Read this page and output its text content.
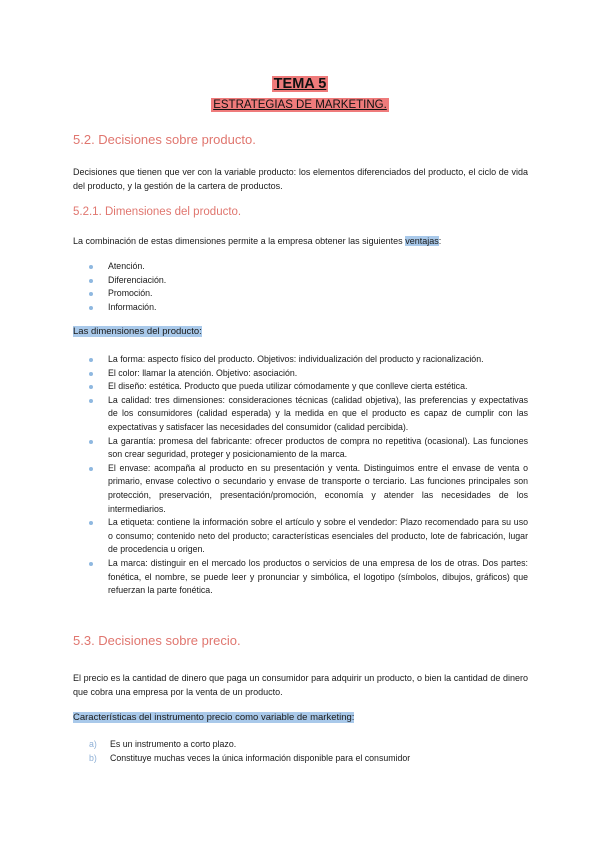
TEMA 5
ESTRATEGIAS DE MARKETING.
5.2. Decisiones sobre producto.
Decisiones que tienen que ver con la variable producto: los elementos diferenciados del producto, el ciclo de vida del producto, y la gestión de la cartera de productos.
5.2.1. Dimensiones del producto.
La combinación de estas dimensiones permite a la empresa obtener las siguientes ventajas:
Atención.
Diferenciación.
Promoción.
Información.
Las dimensiones del producto:
La forma: aspecto físico del producto. Objetivos: individualización del producto y racionalización.
El color: llamar la atención. Objetivo: asociación.
El diseño: estética. Producto que pueda utilizar cómodamente y que conlleve cierta estética.
La calidad: tres dimensiones: consideraciones técnicas (calidad objetiva), las preferencias y expectativas de los consumidores (calidad esperada) y la medida en que el producto es capaz de cumplir con las expectativas y satisfacer las necesidades del consumidor (calidad percibida).
La garantía: promesa del fabricante: ofrecer productos de compra no repetitiva (ocasional). Las funciones son crear seguridad, proteger y posicionamiento de la marca.
El envase: acompaña al producto en su presentación y venta. Distinguimos entre el envase de venta o primario, envase colectivo o secundario y envase de transporte o terciario. Las funciones principales son protección, preservación, presentación/promoción, economía y atender las necesidades de los intermediarios.
La etiqueta: contiene la información sobre el artículo y sobre el vendedor: Plazo recomendado para su uso o consumo; contenido neto del producto; características esenciales del producto, lote de fabricación, lugar de procedencia u origen.
La marca: distinguir en el mercado los productos o servicios de una empresa de los de otras. Dos partes: fonética, el nombre, se puede leer y pronunciar y simbólica, el logotipo (símbolos, dibujos, gráficos) que refuerzan la parte fonética.
5.3. Decisiones sobre precio.
El precio es la cantidad de dinero que paga un consumidor para adquirir un producto, o bien la cantidad de dinero que cobra una empresa por la venta de un producto.
Características del instrumento precio como variable de marketing:
a) Es un instrumento a corto plazo.
b) Constituye muchas veces la única información disponible para el consumidor
